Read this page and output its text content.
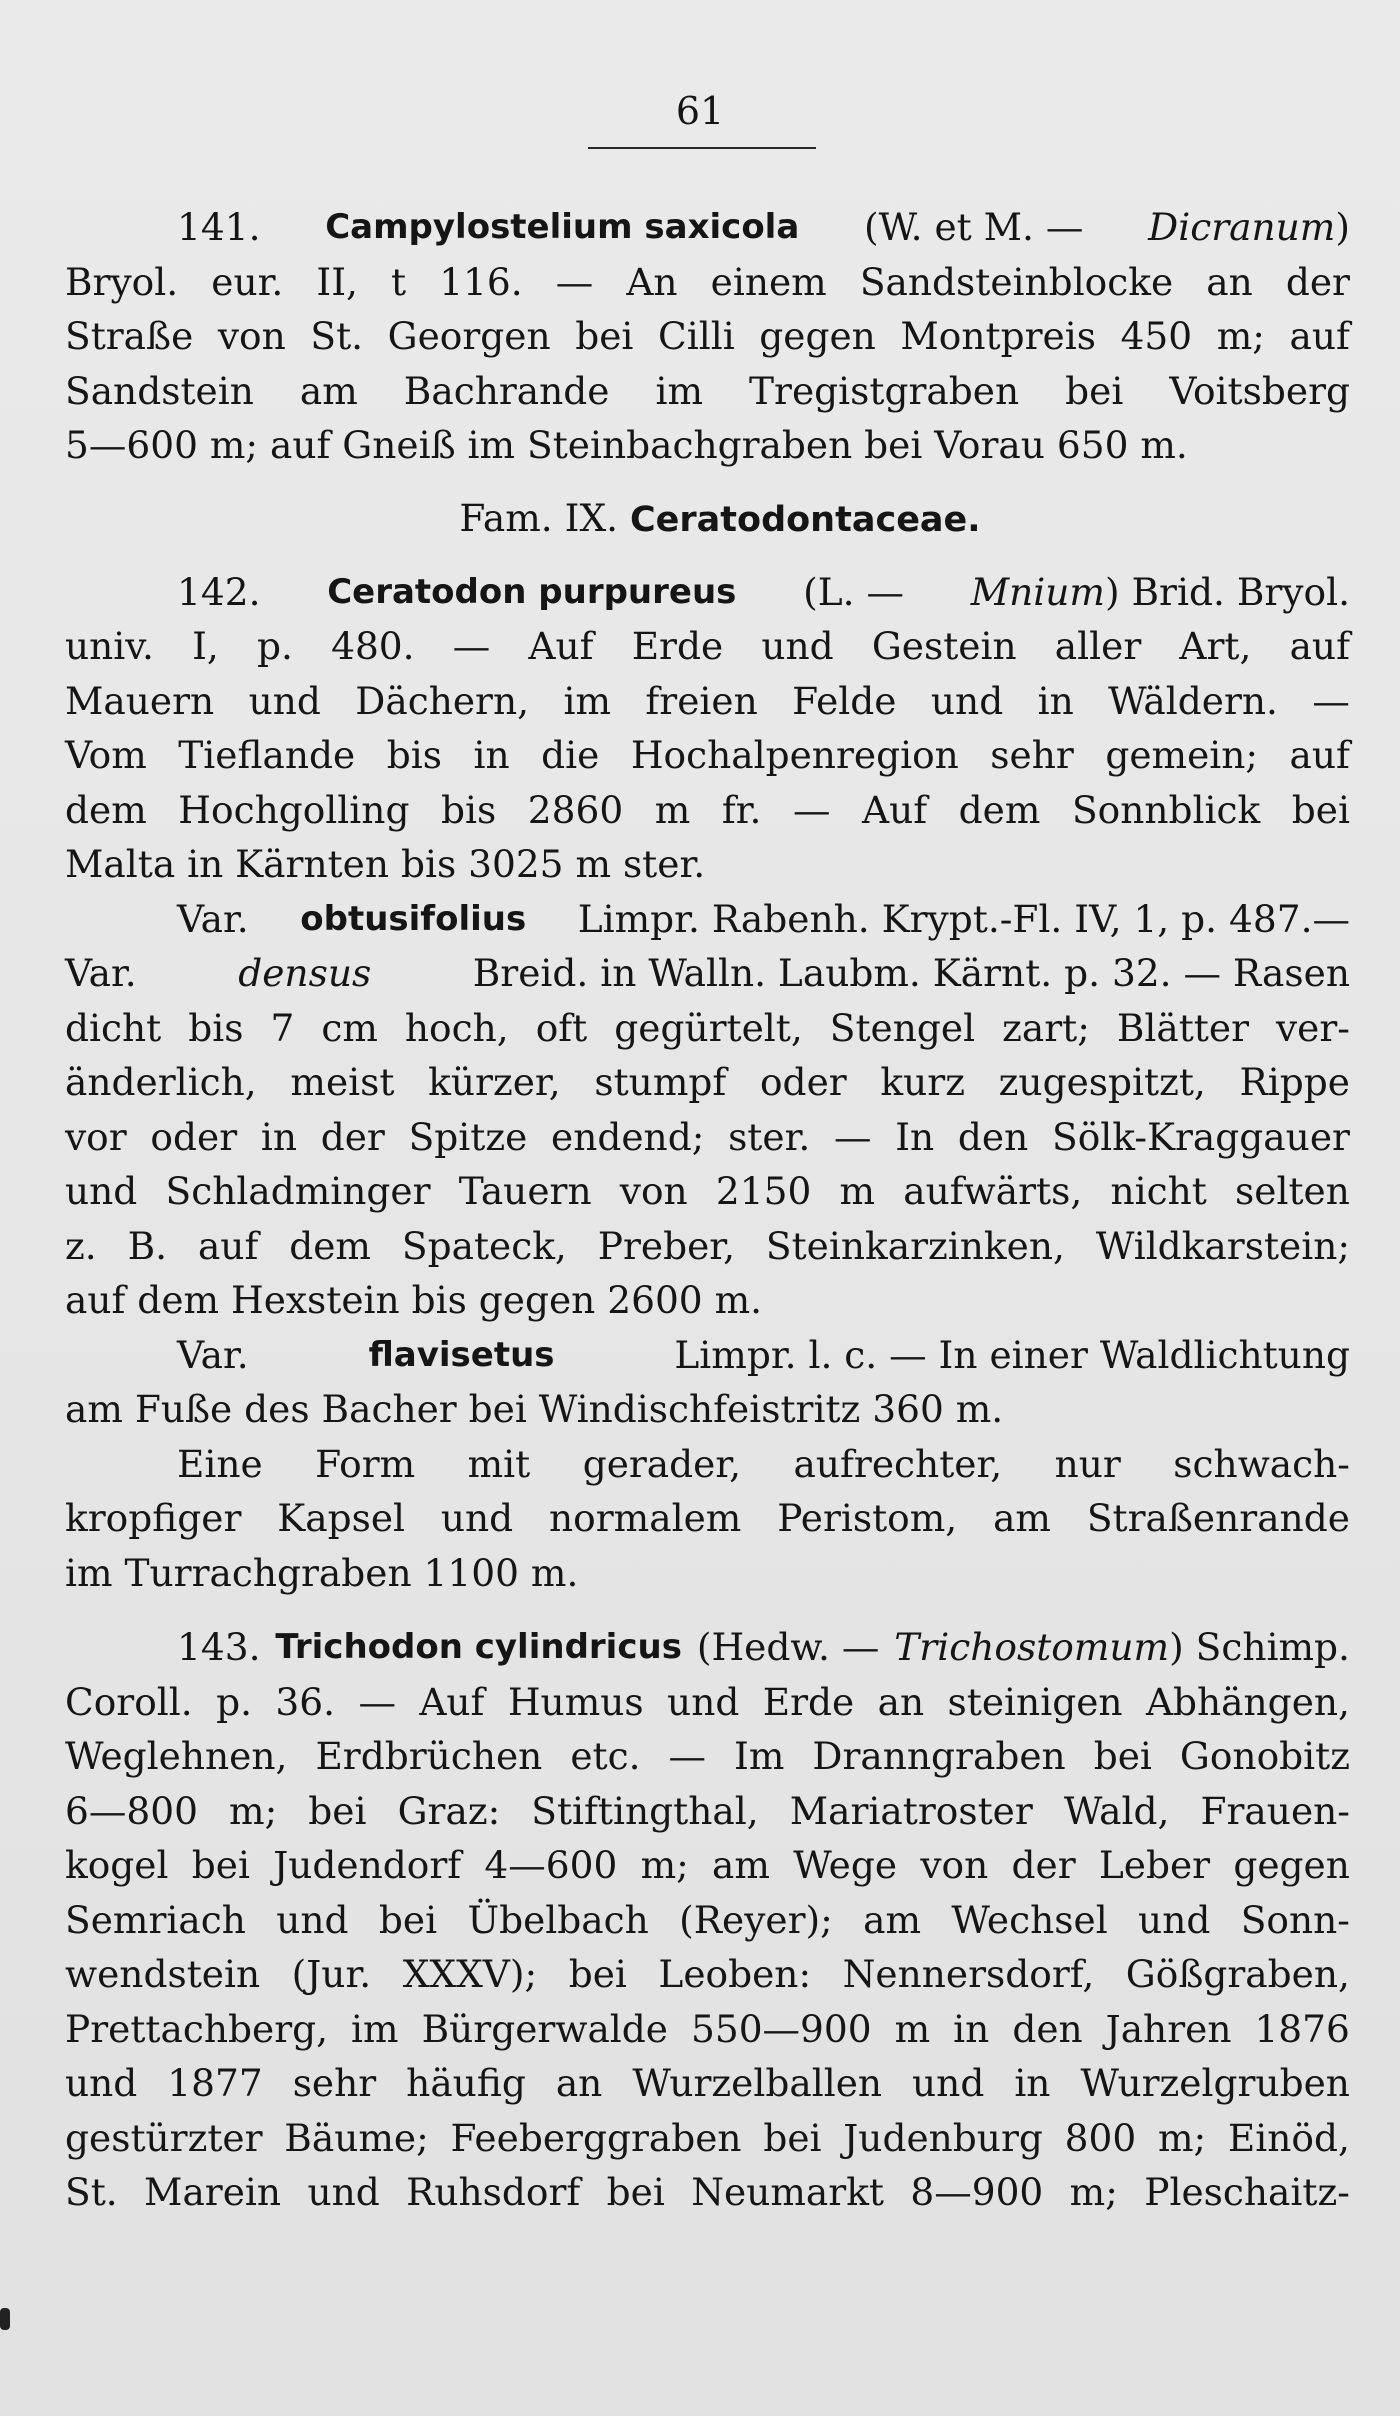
61
141. Campylostelium saxicola (W. et M. — Dicranum)
Bryol. eur. II, t 116. — An einem Sandsteinblocke an der
Straße von St. Georgen bei Cilli gegen Montpreis 450 m; auf
Sandstein am Bachrande im Tregistgraben bei Voitsberg
5—600 m; auf Gneiß im Steinbachgraben bei Vorau 650 m.
Fam. IX. Ceratodontaceae.
142. Ceratodon purpureus (L. — Mnium) Brid. Bryol.
univ. I, p. 480. — Auf Erde und Gestein aller Art, auf
Mauern und Dächern, im freien Felde und in Wäldern. —
Vom Tieflande bis in die Hochalpenregion sehr gemein; auf
dem Hochgolling bis 2860 m fr. — Auf dem Sonnblick bei
Malta in Kärnten bis 3025 m ster.
Var. obtusifolius Limpr. Rabenh. Krypt.-Fl. IV, 1, p. 487.—
Var.	densus	Breid. in Walln. Laubm. Kärnt. p. 32. — Rasen
dicht bis 7 cm hoch, oft gegürtelt, Stengel zart; Blätter ver-
änderlich, meist kürzer, stumpf oder kurz zugespitzt, Rippe
vor oder in der Spitze endend; ster. — In den Sölk-Kraggauer
und Schladminger Tauern von 2150 m aufwärts, nicht selten
z. B. auf dem Spateck, Preber, Steinkarzinken, Wildkarstein;
auf dem Hexstein bis gegen 2600 m.
Var.	flavisetus	Limpr. l. c. — In einer Waldlichtung
am Fuße des Bacher bei Windischfeistritz 360 m.
Eine Form mit gerader, aufrechter, nur schwach-
kropfiger Kapsel und normalem Peristom, am Straßenrande
im Turrachgraben 1100 m.
143. Trichodon cylindricus (Hedw. — Trichostomum) Schimp.
Coroll. p. 36. — Auf Humus und Erde an steinigen Abhängen,
Weglehnen, Erdbrüchen etc. — Im Dranngraben bei Gonobitz
6—800 m; bei Graz: Stiftingthal, Mariatroster Wald, Frauen-
kogel bei Judendorf 4—600 m; am Wege von der Leber gegen
Semriach und bei Übelbach (Reyer); am Wechsel und Sonn-
wendstein (Jur. XXXV); bei Leoben: Nennersdorf, Gößgraben,
Prettachberg, im Bürgerwalde 550—900 m in den Jahren 1876
und 1877 sehr häufig an Wurzelballen und in Wurzelgruben
gestürzter Bäume; Feeberggraben bei Judenburg 800 m; Einöd,
St. Marein und Ruhsdorf bei Neumarkt 8—900 m; Pleschaitz-
